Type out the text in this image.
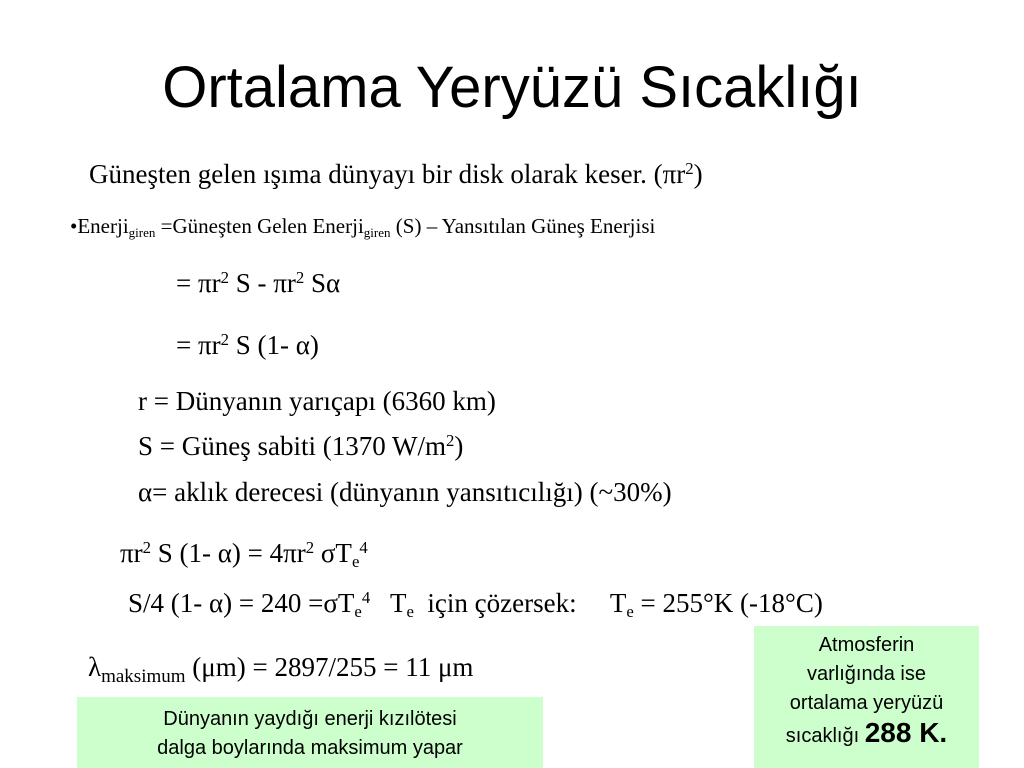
Ortalama Yeryüzü Sıcaklığı
Güneşten gelen ışıma dünyayı bir disk olarak keser. $(\pi r^2)$
•Enerji$_{giren}$ =Güneşten Gelen Enerji$_{giren}$ (S) – Yansıtılan Güneş Enerjisi
= $\pi r^2$ S - $\pi r^2$ Sα
= $\pi r^2$ S (1- α)
r = Dünyanın yarıçapı (6360 km)
S = Güneş sabiti (1370 $W/m^2$)
α= aklık derecesi (dünyanın yansıtıcılığı) (~30%)
$\pi r^2$ S (1- $\alpha) = 4\pi r^2$ $\sigma T_e^4$
S/4 (1- $\alpha) = 240 =\sigma T_e^4$   $T_e$  için çözersek:     $T_e = 255^\circ K$ (-18°C)
$\lambda_{maksimum}$ (μm) = 2897/255 = 11 μm
Dünyanın yaydığı enerji kızılötesi
dalga boylarında maksimum yapar
Atmosferin
varlığında ise
ortalama yeryüzü
sıcaklığı 288 K.
